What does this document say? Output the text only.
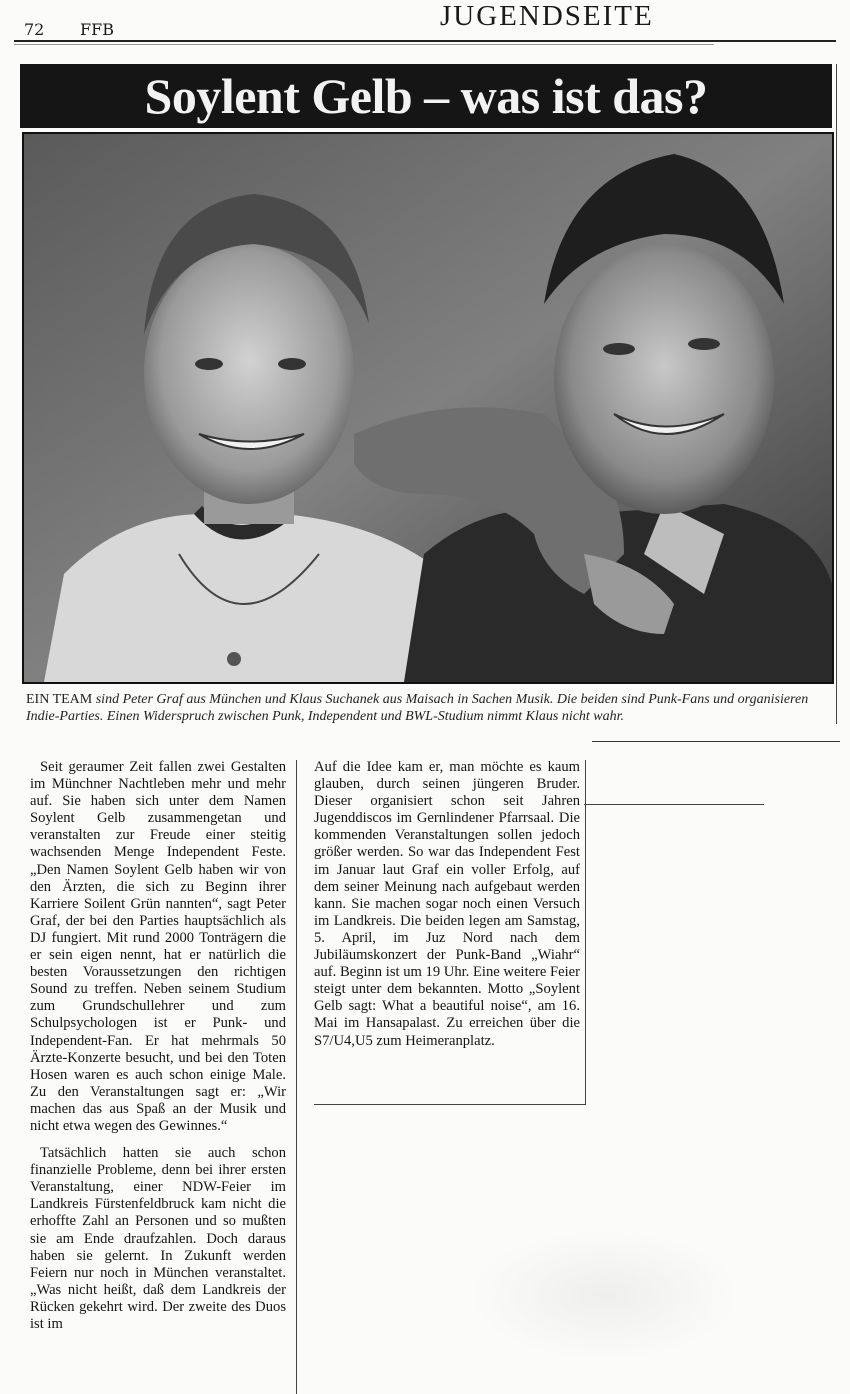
72 FFB	JUGENDSEITE
Soylent Gelb – was ist das?
EIN TEAM sind Peter Graf aus München und Klaus Suchanek aus Maisach in Sachen Musik. Die beiden sind Punk-Fans und organisieren Indie-Parties. Einen Widerspruch zwischen Punk, Independent und BWL-Studium nimmt Klaus nicht wahr.

Seit geraumer Zeit fallen zwei Gestalten im Münchner Nachtleben mehr und mehr auf. Sie haben sich unter dem Namen Soylent Gelb zusammengetan und veranstalten zur Freude einer steitig wachsenden Menge Independent Feste. „Den Namen Soylent Gelb haben wir von den Ärzten, die sich zu Beginn ihrer Karriere Soilent Grün nannten“, sagt Peter Graf, der bei den Parties hauptsächlich als DJ fungiert. Mit rund 2000 Tonträgern die er sein eigen nennt, hat er natürlich die besten Voraussetzungen den richtigen Sound zu treffen. Neben seinem Studium zum Grundschullehrer und zum Schulpsychologen ist er Punk- und Independent-Fan. Er hat mehrmals 50 Ärzte-Konzerte besucht, und bei den Toten Hosen waren es auch schon einige Male. Zu den Veranstaltungen sagt er: „Wir machen das aus Spaß an der Musik und nicht etwa wegen des Gewinnes.“

Tatsächlich hatten sie auch schon finanzielle Probleme, denn bei ihrer ersten Veranstaltung, einer NDW-Feier im Landkreis Fürstenfeldbruck kam nicht die erhoffte Zahl an Personen und so mußten sie am Ende draufzahlen. Doch daraus haben sie gelernt. In Zukunft werden Feiern nur noch in München veranstaltet. „Was nicht heißt, daß dem Landkreis der Rücken gekehrt wird. Der zweite des Duos ist im

Auf die Idee kam er, man möchte es kaum glauben, durch seinen jüngeren Bruder. Dieser organisiert schon seit Jahren Jugenddiscos im Gernlindener Pfarrsaal. Die kommenden Veranstaltungen sollen jedoch größer werden. So war das Independent Fest im Januar laut Graf ein voller Erfolg, auf dem seiner Meinung nach aufgebaut werden kann. Sie machen sogar noch einen Versuch im Landkreis. Die beiden legen am Samstag, 5. April, im Juz Nord nach dem Jubiläumskonzert der Punk-Band „Wiahr“ auf. Beginn ist um 19 Uhr. Eine weitere Feier steigt unter dem bekannten. Motto „Soylent Gelb sagt: What a beautiful noise“, am 16. Mai im Hansapalast. Zu erreichen über die S7/U4,U5 zum Heimeranplatz.
